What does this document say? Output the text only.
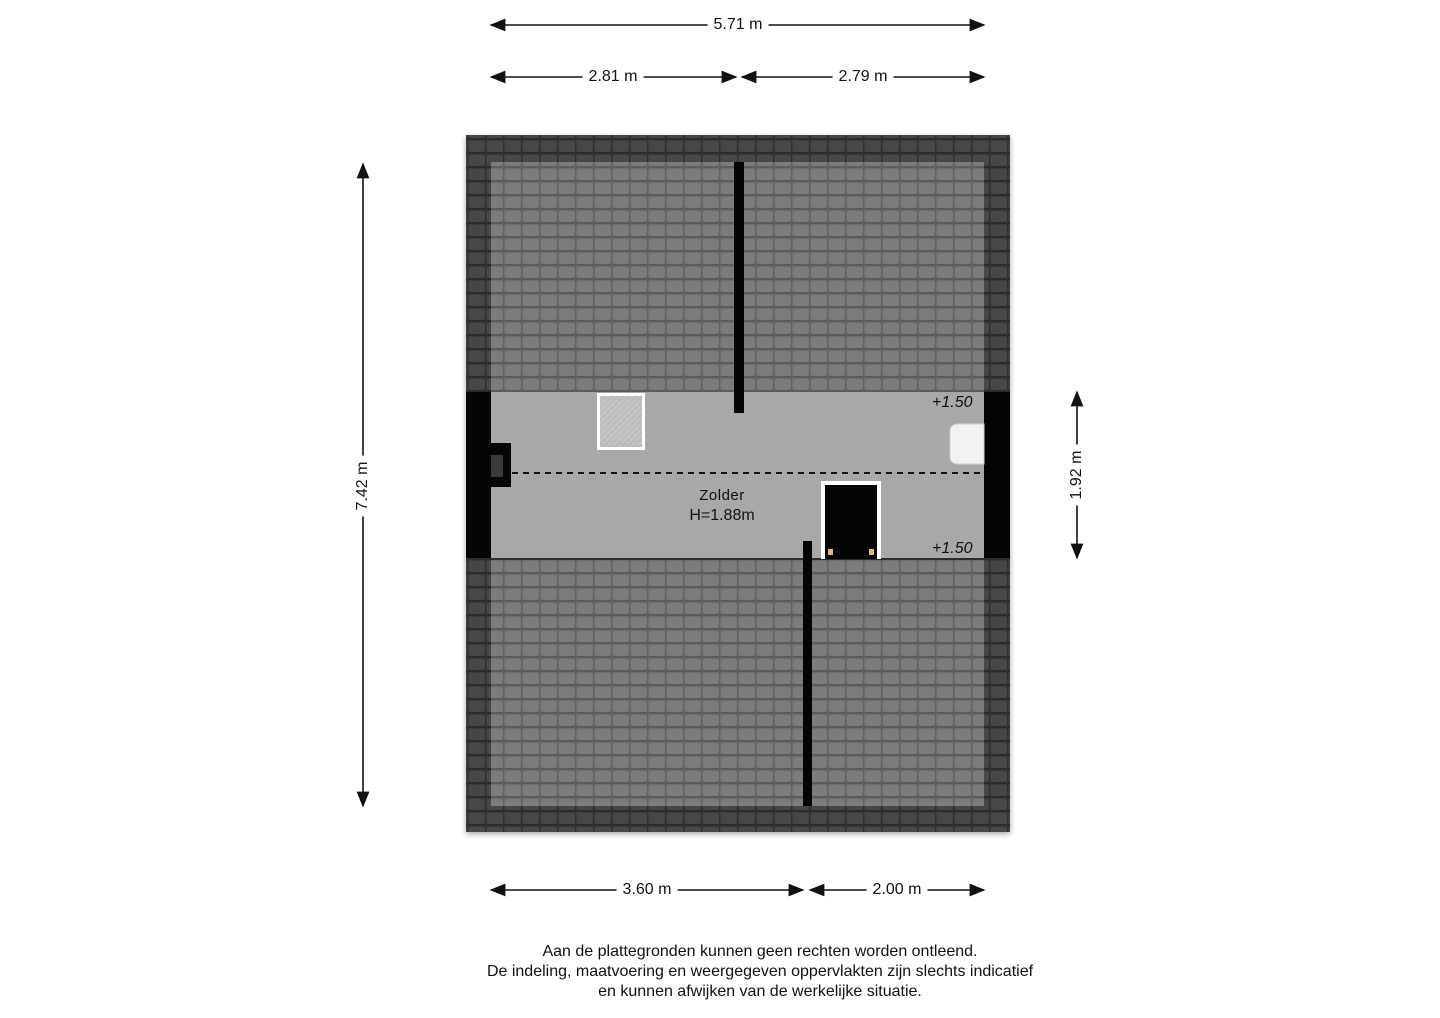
5.71 m
2.81 m	2.79 m
3.60 m	2.00 m
7.42 m	1.92 m
Zolder
H=1.88m
+1.50
+1.50
Aan de plattegronden kunnen geen rechten worden ontleend.
De indeling, maatvoering en weergegeven oppervlakten zijn slechts indicatief
en kunnen afwijken van de werkelijke situatie.
